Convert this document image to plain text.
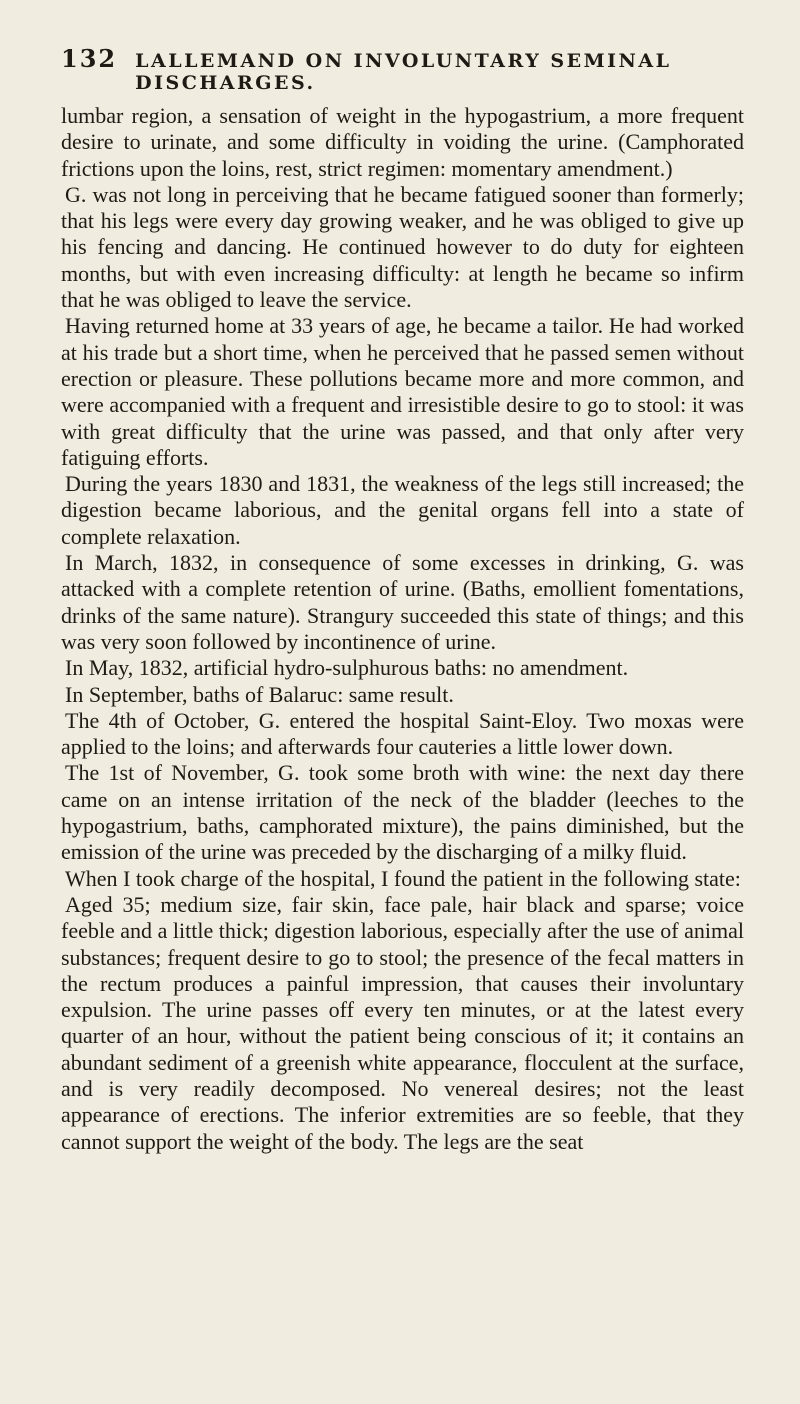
132 LALLEMAND ON INVOLUNTARY SEMINAL DISCHARGES.

lumbar region, a sensation of weight in the hypogastrium, a more frequent desire to urinate, and some difficulty in voiding the urine. (Camphorated frictions upon the loins, rest, strict regimen: momentary amendment.)

G. was not long in perceiving that he became fatigued sooner than formerly; that his legs were every day growing weaker, and he was obliged to give up his fencing and dancing. He continued however to do duty for eighteen months, but with even increasing difficulty: at length he became so infirm that he was obliged to leave the service.

Having returned home at 33 years of age, he became a tailor. He had worked at his trade but a short time, when he perceived that he passed semen without erection or pleasure. These pollutions became more and more common, and were accompanied with a frequent and irresistible desire to go to stool: it was with great difficulty that the urine was passed, and that only after very fatiguing efforts.

During the years 1830 and 1831, the weakness of the legs still increased; the digestion became laborious, and the genital organs fell into a state of complete relaxation.

In March, 1832, in consequence of some excesses in drinking, G. was attacked with a complete retention of urine. (Baths, emollient fomentations, drinks of the same nature). Strangury succeeded this state of things; and this was very soon followed by incontinence of urine.

In May, 1832, artificial hydro-sulphurous baths: no amendment.

In September, baths of Balaruc: same result.

The 4th of October, G. entered the hospital Saint-Eloy. Two moxas were applied to the loins; and afterwards four cauteries a little lower down.

The 1st of November, G. took some broth with wine: the next day there came on an intense irritation of the neck of the bladder (leeches to the hypogastrium, baths, camphorated mixture), the pains diminished, but the emission of the urine was preceded by the discharging of a milky fluid.

When I took charge of the hospital, I found the patient in the following state:

Aged 35; medium size, fair skin, face pale, hair black and sparse; voice feeble and a little thick; digestion laborious, especially after the use of animal substances; frequent desire to go to stool; the presence of the fecal matters in the rectum produces a painful impression, that causes their involuntary expulsion. The urine passes off every ten minutes, or at the latest every quarter of an hour, without the patient being conscious of it; it contains an abundant sediment of a greenish white appearance, flocculent at the surface, and is very readily decomposed. No venereal desires; not the least appearance of erections. The inferior extremities are so feeble, that they cannot support the weight of the body. The legs are the seat
